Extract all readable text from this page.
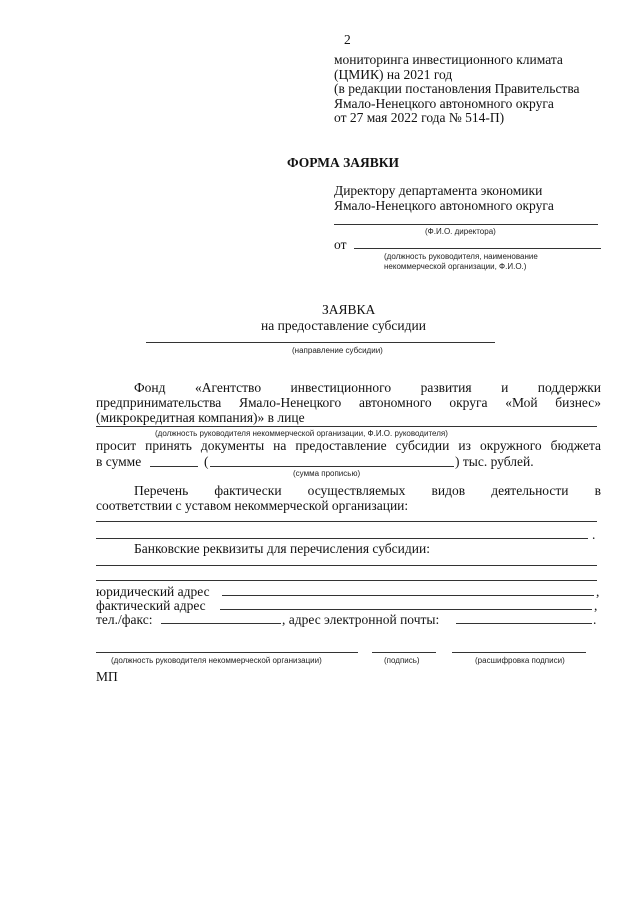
2
мониторинга инвестиционного климата
(ЦМИК) на 2021 год
(в редакции постановления Правительства
Ямало-Ненецкого автономного округа
от 27 мая 2022 года № 514-П)
ФОРМА ЗАЯВКИ
Директору департамента экономики
Ямало-Ненецкого автономного округа
(Ф.И.О. директора)
от
(должность руководителя, наименование
некоммерческой организации, Ф.И.О.)
ЗАЯВКА
на предоставление субсидии
(направление субсидии)
Фонд «Агентство инвестиционного развития и поддержки
предпринимательства Ямало-Ненецкого автономного округа «Мой бизнес»
(микрокредитная компания)» в лице
(должность руководителя некоммерческой организации, Ф.И.О. руководителя)
просит принять документы на предоставление субсидии из окружного бюджета
в сумме	(	) тыс. рублей.
(сумма прописью)
Перечень фактически осуществляемых видов деятельности в
соответствии с уставом некоммерческой организации:
.
Банковские реквизиты для перечисления субсидии:
юридический адрес	,
фактический адрес	,
тел./факс:	, адрес электронной почты:	.
(должность руководителя некоммерческой организации)	(подпись)	(расшифровка подписи)
МП
